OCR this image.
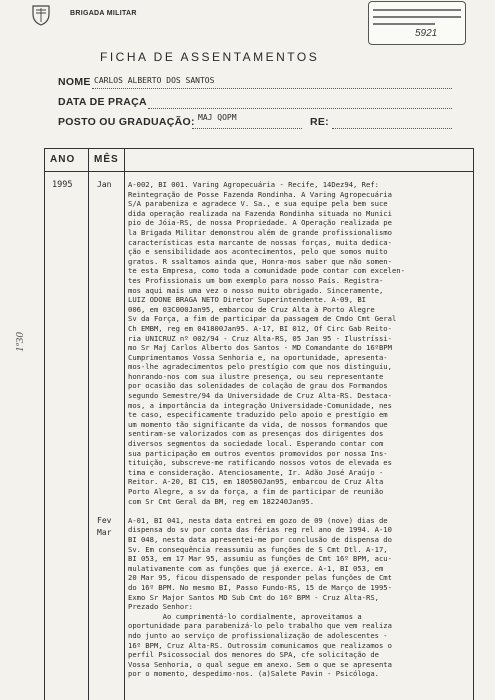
BRIGADA MILITAR
5921
FICHA DE ASSENTAMENTOS
NOME CARLOS ALBERTO DOS SANTOS
DATA DE PRAÇA
POSTO OU GRADUAÇÃO: MAJ QOPM	RE:
1º30
ANO MÊS
1995	Jan
Fev
Mar
A-002, BI 001. Varing Agropecuária - Recife, 14Dez94, Ref:
Reintegração de Posse Fazenda Rondinha. A Varing Agropecuária
S/A parabeniza e agradece V. Sa., e sua equipe pela bem suce
dida operação realizada na Fazenda Rondinha situada no Munici
pio de Jóia-RS, de nossa Propriedade. A Operação realizada pe
la Brigada Militar demonstrou além de grande profissionalismo
características esta marcante de nossas forças, muita dedica-
ção e sensibilidade aos acontecimentos, pelo que somos muito
gratos. R ssaltamos ainda que, Honra-mos saber que não somen-
te esta Empresa, como toda a comunidade pode contar com excelen-
tes Profissionais um bom exemplo para nosso País. Registra-
mos aqui mais uma vez o nosso muito obrigado. Sinceramente,
LUIZ ODONE BRAGA NETO Diretor Superintendente. A-09, BI
006, em 03C000Jan95, embarcou de Cruz Alta à Porto Alegre
Sv da Força, a fim de participar da passagem de Cmdo Cmt Geral
Ch EMBM, reg em 041800Jan95. A-17, BI 012, Of Circ Gab Reito-
ria UNICRUZ nº 002/94 - Cruz Alta-RS, 05 Jan 95 - Ilustríssi-
mo Sr Maj Carlos Alberto dos Santos - MD Comandante do 16ºBPM
Cumprimentamos Vossa Senhoria e, na oportunidade, apresenta-
mos-lhe agradecimentos pelo prestígio com que nos distinguiu,
honrando-nos com sua ilustre presença, ou seu representante
por ocasião das solenidades de colação de grau dos Formandos
segundo Semestre/94 da Universidade de Cruz Alta-RS. Destaca-
mos, a importância da integração Universidade-Comunidade, nes
te caso, especificamente traduzido pelo apoio e prestígio em
um momento tão significante da vida, de nossos formandos que
sentiram-se valorizados com as presenças dos dirigentes dos
diversos segmentos da sociedade local. Esperando contar com
sua participação em outros eventos promovidos por nossa Ins-
tituição, subscreve-me ratificando nossos votos de elevada es
tima e consideração. Atenciosamente, Ir. Adão José Araújo -
Reitor. A-20, BI C15, em 180500Jan95, embarcou de Cruz Alta
Porto Alegre, a sv da força, a fim de participar de reunião
com Sr Cmt Geral da BM, reg em 182240Jan95.

A-01, BI 041, nesta data entrei em gozo de 09 (nove) dias de
dispensa do sv por conta das férias reg rel ano de 1994. A-10
BI 048, nesta data apresentei-me por conclusão de dispensa do
Sv. Em consequência reassumiu as funções de S Cmt Dtl. A-17,
BI 053, em 17 Mar 95, assumiu as funções de Cmt 16º BPM, acu-
mulativamente com as funções que já exerce. A-1, BI 053, em
20 Mar 95, ficou dispensado de responder pelas funções de Cmt
do 16º BPM. No mesmo BI, Passo Fundo-RS, 15 de Março de 1995-
Exmo Sr Major Santos MD Sub Cmt do 16º BPM - Cruz Alta-RS,
Prezado Senhor:
Ao cumprimentá-lo cordialmente, aproveitamos a
oportunidade para parabenizá-lo pelo trabalho que vem realiza
ndo junto ao serviço de profissionalização de adolescentes -
16º BPM, Cruz Alta-RS. Outrossim comunicamos que realizamos o
perfil Psicossocial dos menores do SPA, cfe solicitação de
Vossa Senhoria, o qual segue em anexo. Sem o que se apresenta
por o momento, despedimo-nos. (a)Salete Pavin - Psicóloga.
